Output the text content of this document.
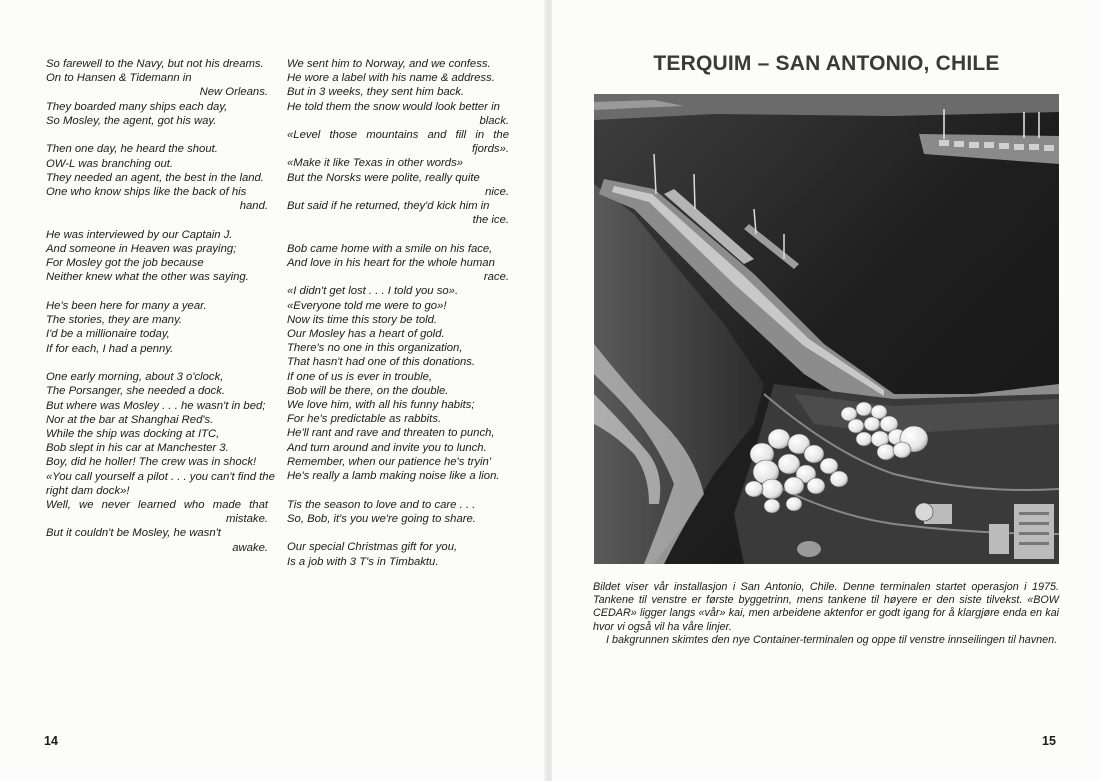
So farewell to the Navy, but not his dreams.
On to Hansen & Tidemann in
New Orleans.
They boarded many ships each day,
So Mosley, the agent, got his way.
Then one day, he heard the shout.
OW-L was branching out.
They needed an agent, the best in the land.
One who know ships like the back of his
hand.
He was interviewed by our Captain J.
And someone in Heaven was praying;
For Mosley got the job because
Neither knew what the other was saying.
He's been here for many a year.
The stories, they are many.
I'd be a millionaire today,
If for each, I had a penny.
One early morning, about 3 o'clock,
The Porsanger, she needed a dock.
But where was Mosley . . . he wasn't in bed;
Nor at the bar at Shanghai Red's.
While the ship was docking at ITC,
Bob slept in his car at Manchester 3.
Boy, did he holler! The crew was in shock!
«You call yourself a pilot . . . you can't find the
right dam dock»!
Well, we never learned who made that
mistake.
But it couldn't be Mosley, he wasn't
awake.
We sent him to Norway, and we confess.
He wore a label with his name & address.
But in 3 weeks, they sent him back.
He told them the snow would look better in
black.
«Level those mountains and fill in the
fjords».
«Make it like Texas in other words»
But the Norsks were polite, really quite
nice.
But said if he returned, they'd kick him in
the ice.
Bob came home with a smile on his face,
And love in his heart for the whole human
race.
«I didn't get lost . . . I told you so».
«Everyone told me were to go»!
Now its time this story be told.
Our Mosley has a heart of gold.
There's no one in this organization,
That hasn't had one of this donations.
If one of us is ever in trouble,
Bob will be there, on the double.
We love him, with all his funny habits;
For he's predictable as rabbits.
He'll rant and rave and threaten to punch,
And turn around and invite you to lunch.
Remember, when our patience he's tryin'
He's really a lamb making noise like a lion.
Tis the season to love and to care . . .
So, Bob, it's you we're going to share.
Our special Christmas gift for you,
Is a job with 3 T's in Timbaktu.
14
TERQUIM – SAN ANTONIO, CHILE

Bildet viser vår installasjon i San Antonio, Chile. Denne terminalen startet operasjon i 1975. Tankene til venstre er første byggetrinn, mens tankene til høyere er den siste tilvekst. «BOW CEDAR» ligger langs «vår» kai, men arbeidene aktenfor er godt igang for å klargjøre enda en kai hvor vi også vil ha våre linjer.

I bakgrunnen skimtes den nye Container-terminalen og oppe til venstre innseilingen til havnen.

15
